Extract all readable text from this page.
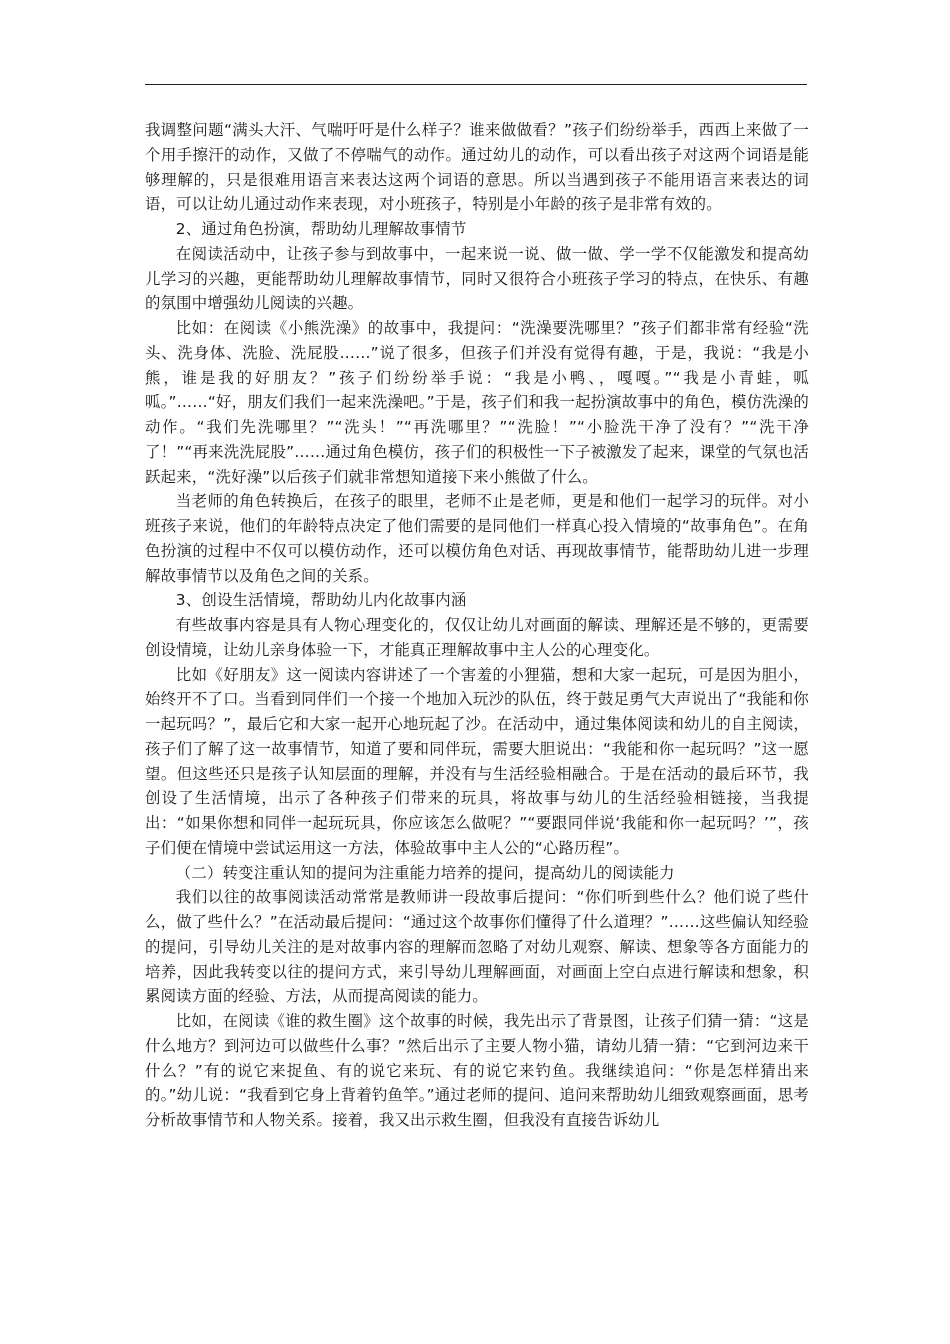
我调整问题“满头大汗、气喘吁吁是什么样子？谁来做做看？”孩子们纷纷举手，西西上来做了一个用手擦汗的动作，又做了不停喘气的动作。通过幼儿的动作，可以看出孩子对这两个词语是能够理解的，只是很难用语言来表达这两个词语的意思。所以当遇到孩子不能用语言来表达的词语，可以让幼儿通过动作来表现，对小班孩子，特别是小年龄的孩子是非常有效的。

2、通过角色扮演，帮助幼儿理解故事情节

在阅读活动中，让孩子参与到故事中，一起来说一说、做一做、学一学不仅能激发和提高幼儿学习的兴趣，更能帮助幼儿理解故事情节，同时又很符合小班孩子学习的特点，在快乐、有趣的氛围中增强幼儿阅读的兴趣。

比如：在阅读《小熊洗澡》的故事中，我提问：“洗澡要洗哪里？”孩子们都非常有经验“洗头、洗身体、洗脸、洗屁股……”说了很多，但孩子们并没有觉得有趣，于是，我说：“我是小熊，谁是我的好朋友？”孩子们纷纷举手说：“我是小鸭、，嘎嘎。”“我是小青蛙，呱呱。”……“好，朋友们我们一起来洗澡吧。”于是，孩子们和我一起扮演故事中的角色，模仿洗澡的动作。“我们先洗哪里？”“洗头！”“再洗哪里？”“洗脸！”“小脸洗干净了没有？”“洗干净了！”“再来洗洗屁股”……通过角色模仿，孩子们的积极性一下子被激发了起来，课堂的气氛也活跃起来，“洗好澡”以后孩子们就非常想知道接下来小熊做了什么。

当老师的角色转换后，在孩子的眼里，老师不止是老师，更是和他们一起学习的玩伴。对小班孩子来说，他们的年龄特点决定了他们需要的是同他们一样真心投入情境的“故事角色”。在角色扮演的过程中不仅可以模仿动作，还可以模仿角色对话、再现故事情节，能帮助幼儿进一步理解故事情节以及角色之间的关系。

3、创设生活情境，帮助幼儿内化故事内涵

有些故事内容是具有人物心理变化的，仅仅让幼儿对画面的解读、理解还是不够的，更需要创设情境，让幼儿亲身体验一下，才能真正理解故事中主人公的心理变化。

比如《好朋友》这一阅读内容讲述了一个害羞的小狸猫，想和大家一起玩，可是因为胆小，始终开不了口。当看到同伴们一个接一个地加入玩沙的队伍，终于鼓足勇气大声说出了“我能和你一起玩吗？”，最后它和大家一起开心地玩起了沙。在活动中，通过集体阅读和幼儿的自主阅读，孩子们了解了这一故事情节，知道了要和同伴玩，需要大胆说出：“我能和你一起玩吗？”这一愿望。但这些还只是孩子认知层面的理解，并没有与生活经验相融合。于是在活动的最后环节，我创设了生活情境，出示了各种孩子们带来的玩具，将故事与幼儿的生活经验相链接，当我提出：“如果你想和同伴一起玩玩具，你应该怎么做呢？”“要跟同伴说‘我能和你一起玩吗？’”，孩子们便在情境中尝试运用这一方法，体验故事中主人公的“心路历程”。

（二）转变注重认知的提问为注重能力培养的提问，提高幼儿的阅读能力

我们以往的故事阅读活动常常是教师讲一段故事后提问：“你们听到些什么？他们说了些什么，做了些什么？”在活动最后提问：“通过这个故事你们懂得了什么道理？”……这些偏认知经验的提问，引导幼儿关注的是对故事内容的理解而忽略了对幼儿观察、解读、想象等各方面能力的培养，因此我转变以往的提问方式，来引导幼儿理解画面，对画面上空白点进行解读和想象，积累阅读方面的经验、方法，从而提高阅读的能力。

比如，在阅读《谁的救生圈》这个故事的时候，我先出示了背景图，让孩子们猜一猜：“这是什么地方？到河边可以做些什么事？”然后出示了主要人物小猫，请幼儿猜一猜：“它到河边来干什么？”有的说它来捉鱼、有的说它来玩、有的说它来钓鱼。我继续追问：“你是怎样猜出来的。”幼儿说：“我看到它身上背着钓鱼竿。”通过老师的提问、追问来帮助幼儿细致观察画面，思考分析故事情节和人物关系。接着，我又出示救生圈，但我没有直接告诉幼儿
